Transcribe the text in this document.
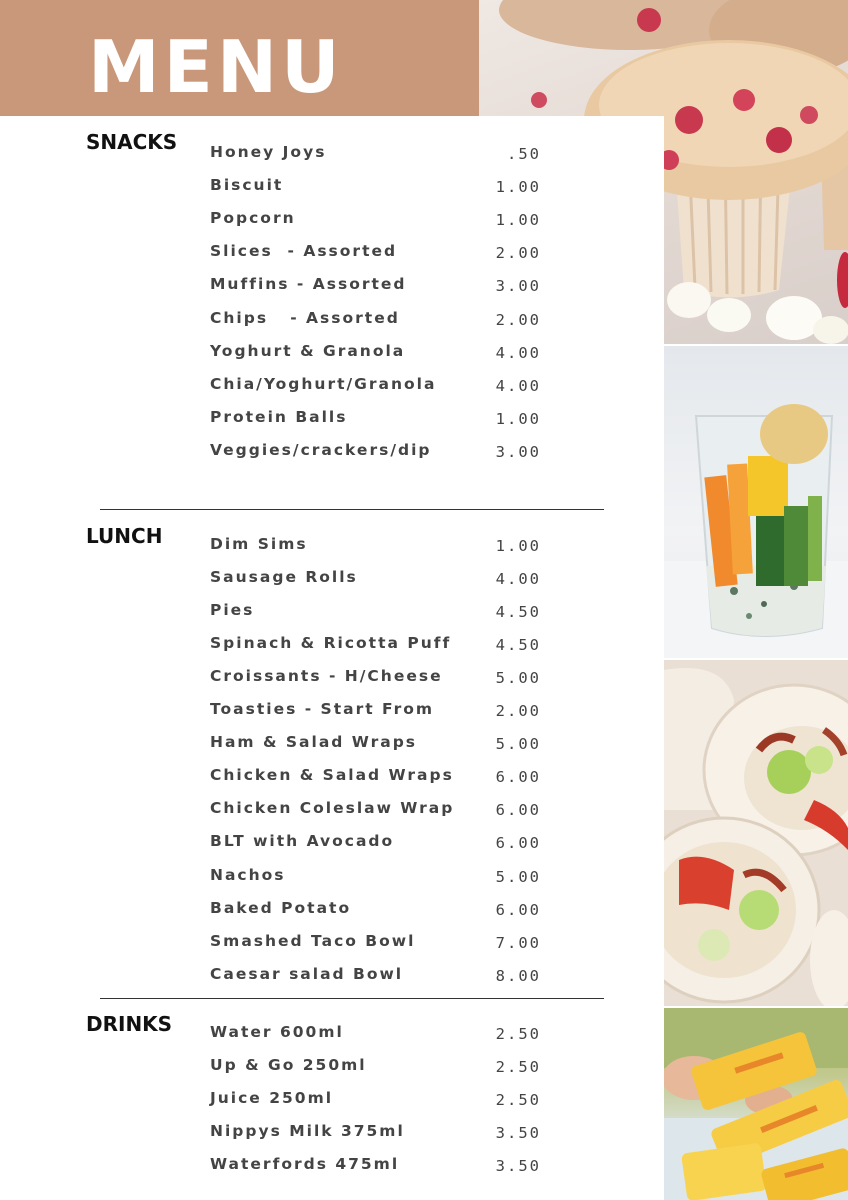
MENU
SNACKS Honey Joys	.50
Biscuit	1.00
Popcorn	1.00
Slices  - Assorted	2.00
Muffins - Assorted	3.00
Chips   - Assorted	2.00
Yoghurt & Granola	4.00
Chia/Yoghurt/Granola	4.00
Protein Balls	1.00
Veggies/crackers/dip	3.00
LUNCH	Dim Sims	1.00
Sausage Rolls	4.00
Pies	4.50
Spinach & Ricotta Puff	4.50
Croissants - H/Cheese	5.00
Toasties - Start From	2.00
Ham & Salad Wraps	5.00
Chicken & Salad Wraps	6.00
Chicken Coleslaw Wrap	6.00
BLT with Avocado	6.00
Nachos	5.00
Baked Potato	6.00
Smashed Taco Bowl	7.00
Caesar salad Bowl	8.00
DRINKS Water 600ml	2.50
Up & Go 250ml	2.50
Juice 250ml	2.50
Nippys Milk 375ml	3.50
Waterfords 475ml	3.50
